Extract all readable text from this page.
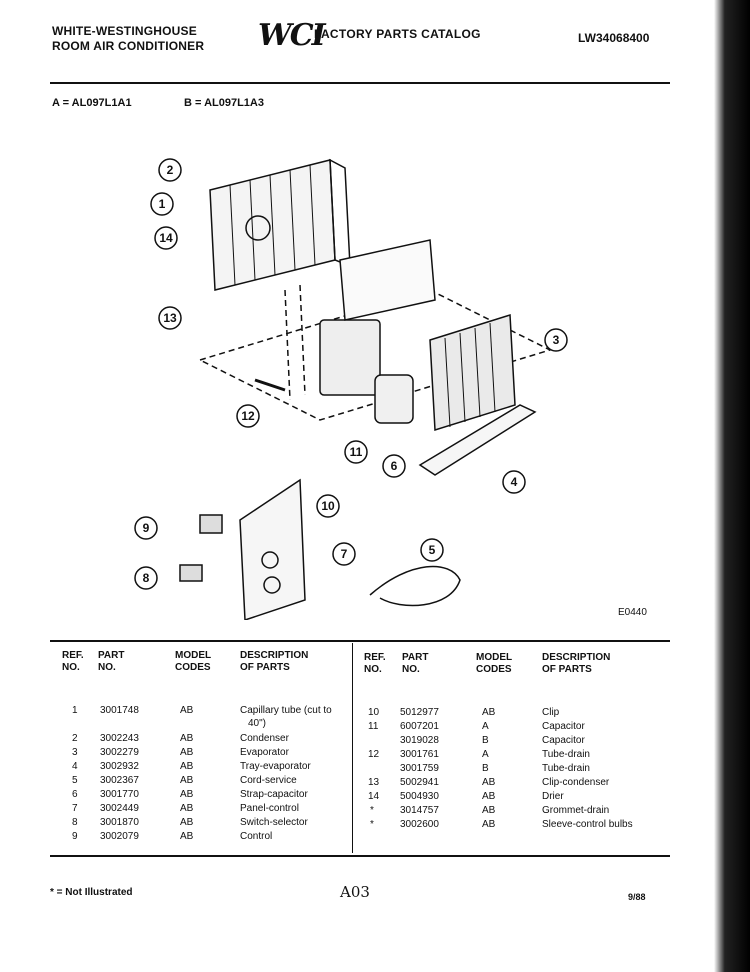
WHITE-WESTINGHOUSE
ROOM AIR CONDITIONER WCI
FACTORY PARTS CATALOG	LW34068400
A = AL097L1A1	B = AL097L1A3
2
1
14
13
3
12
11
6
4
10
9
7	5
8
E0440
REF.
NO.
PART
NO.
MODEL
CODES
DESCRIPTION
OF PARTS
REF.
NO.
PART
NO.
MODEL
CODES
DESCRIPTION
OF PARTS
1 3001748	AB	Capillary tube (cut to
40")
2 3002243	AB	Condenser
3 3002279	AB	Evaporator
4 3002932	AB	Tray-evaporator
5 3002367	AB	Cord-service
6 3001770	AB	Strap-capacitor
7 3002449	AB	Panel-control
8 3001870	AB	Switch-selector
9 3002079	AB	Control
10 5012977	AB	Clip
11 6007201	A	Capacitor
3019028	B	Capacitor
12 3001761	A	Tube-drain
3001759	B	Tube-drain
13 5002941	AB	Clip-condenser
14 5004930	AB	Drier
*	3014757	AB	Grommet-drain
*	3002600	AB	Sleeve-control bulbs
* = Not Illustrated	A03	9/88
